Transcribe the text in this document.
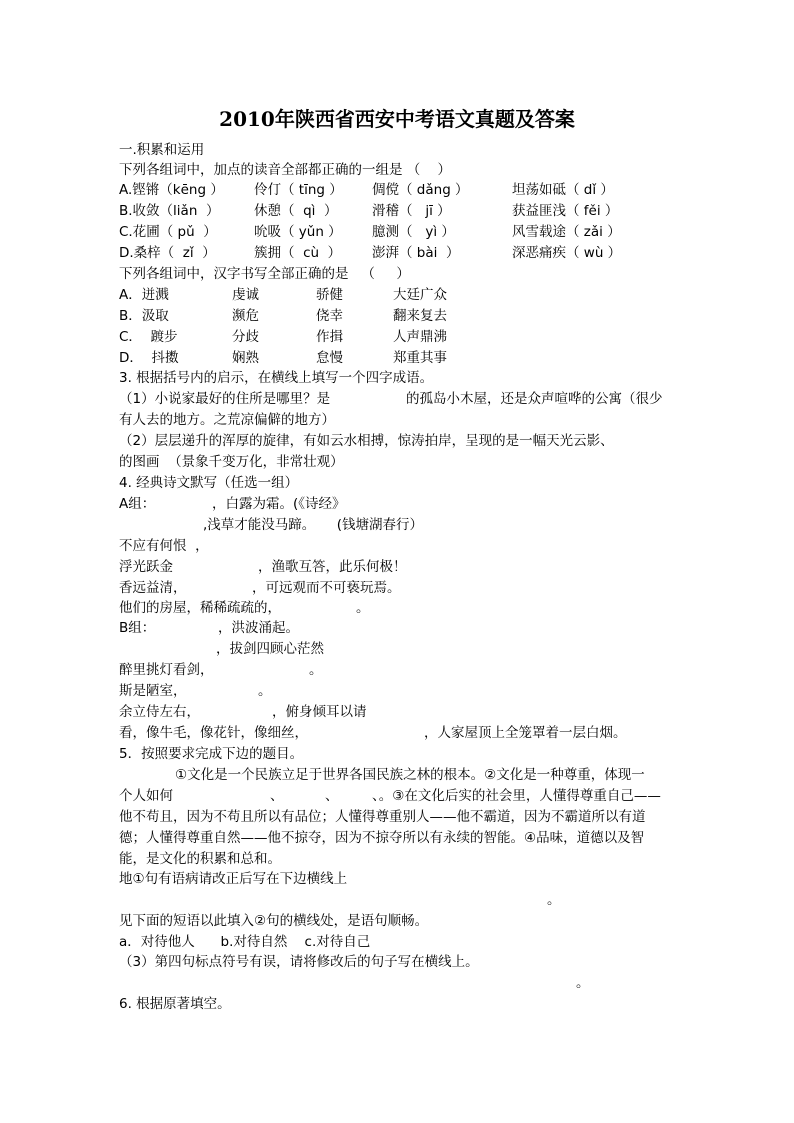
2010年陕西省西安中考语文真题及答案
一.积累和运用
下列各组词中，加点的读音全部都正确的一组是 （    ）
A.铿锵（kēng ） 伶仃（ tīng ） 倜傥（ dǎng ）	坦荡如砥（ dǐ ）
B.收敛（liǎn  ）	休憩（  qì  ）	滑稽（   jī ）	获益匪浅（ fěi ）
C.花圃（ pǔ  ）	吮吸（ yǔn ） 臆测（   yì ）	风雪载途（ zǎi ）
D.桑梓（  zǐ  ）	簇拥（  cù  ） 澎湃（ bài  ）	深恶痛疾（ wù ）
下列各组词中，汉字书写全部正确的是   （     ）
A．迸溅	虔诚	骄健	大廷广众
B．汲取	濒危	侥幸	翻来复去
C．  踱步	分歧	作揖	人声鼎沸
D．  抖擞	娴熟	怠慢	郑重其事
3. 根据括号内的启示，在横线上填写一个四字成语。
（1）小说家最好的住所是哪里？是	的孤岛小木屋，还是众声喧哗的公寓（很少
有人去的地方。之荒凉偏僻的地方）
（2）层层递升的浑厚的旋律，有如云水相搏，惊涛拍岸，呈现的是一幅天光云影、
的图画  （景象千变万化，非常壮观）
4. 经典诗文默写（任选一组）
A组：	，白露为霜。(《诗经》
,浅草才能没马蹄。     (钱塘湖春行）
不应有何恨  ，
浮光跃金	，渔歌互答，此乐何极！
香远益清，	，可远观而不可亵玩焉。
他们的房屋，稀稀疏疏的，	。
B组：	，洪波涌起。
，拔剑四顾心茫然
醉里挑灯看剑，	。
斯是陋室，	。
余立侍左右，	，俯身倾耳以请
看，像牛毛，像花针，像细丝，	，人家屋顶上全笼罩着一层白烟。
5．按照要求完成下边的题目。
①文化是一个民族立足于世界各国民族之林的根本。②文化是一种尊重，体现一
个人如何	、	、 、。③在文化后实的社会里，人懂得尊重自己——
他不苟且，因为不苟且所以有品位；人懂得尊重别人——他不霸道，因为不霸道所以有道
德；人懂得尊重自然——他不掠夺，因为不掠夺所以有永续的智能。④品味，道德以及智
能，是文化的积累和总和。
地①句有语病请改正后写在下边横线上
。
见下面的短语以此填入②句的横线处，是语句顺畅。
a．对待他人      b.对待自然    c.对待自己
（3）第四句标点符号有误，请将修改后的句子写在横线上。
。
6. 根据原著填空。
